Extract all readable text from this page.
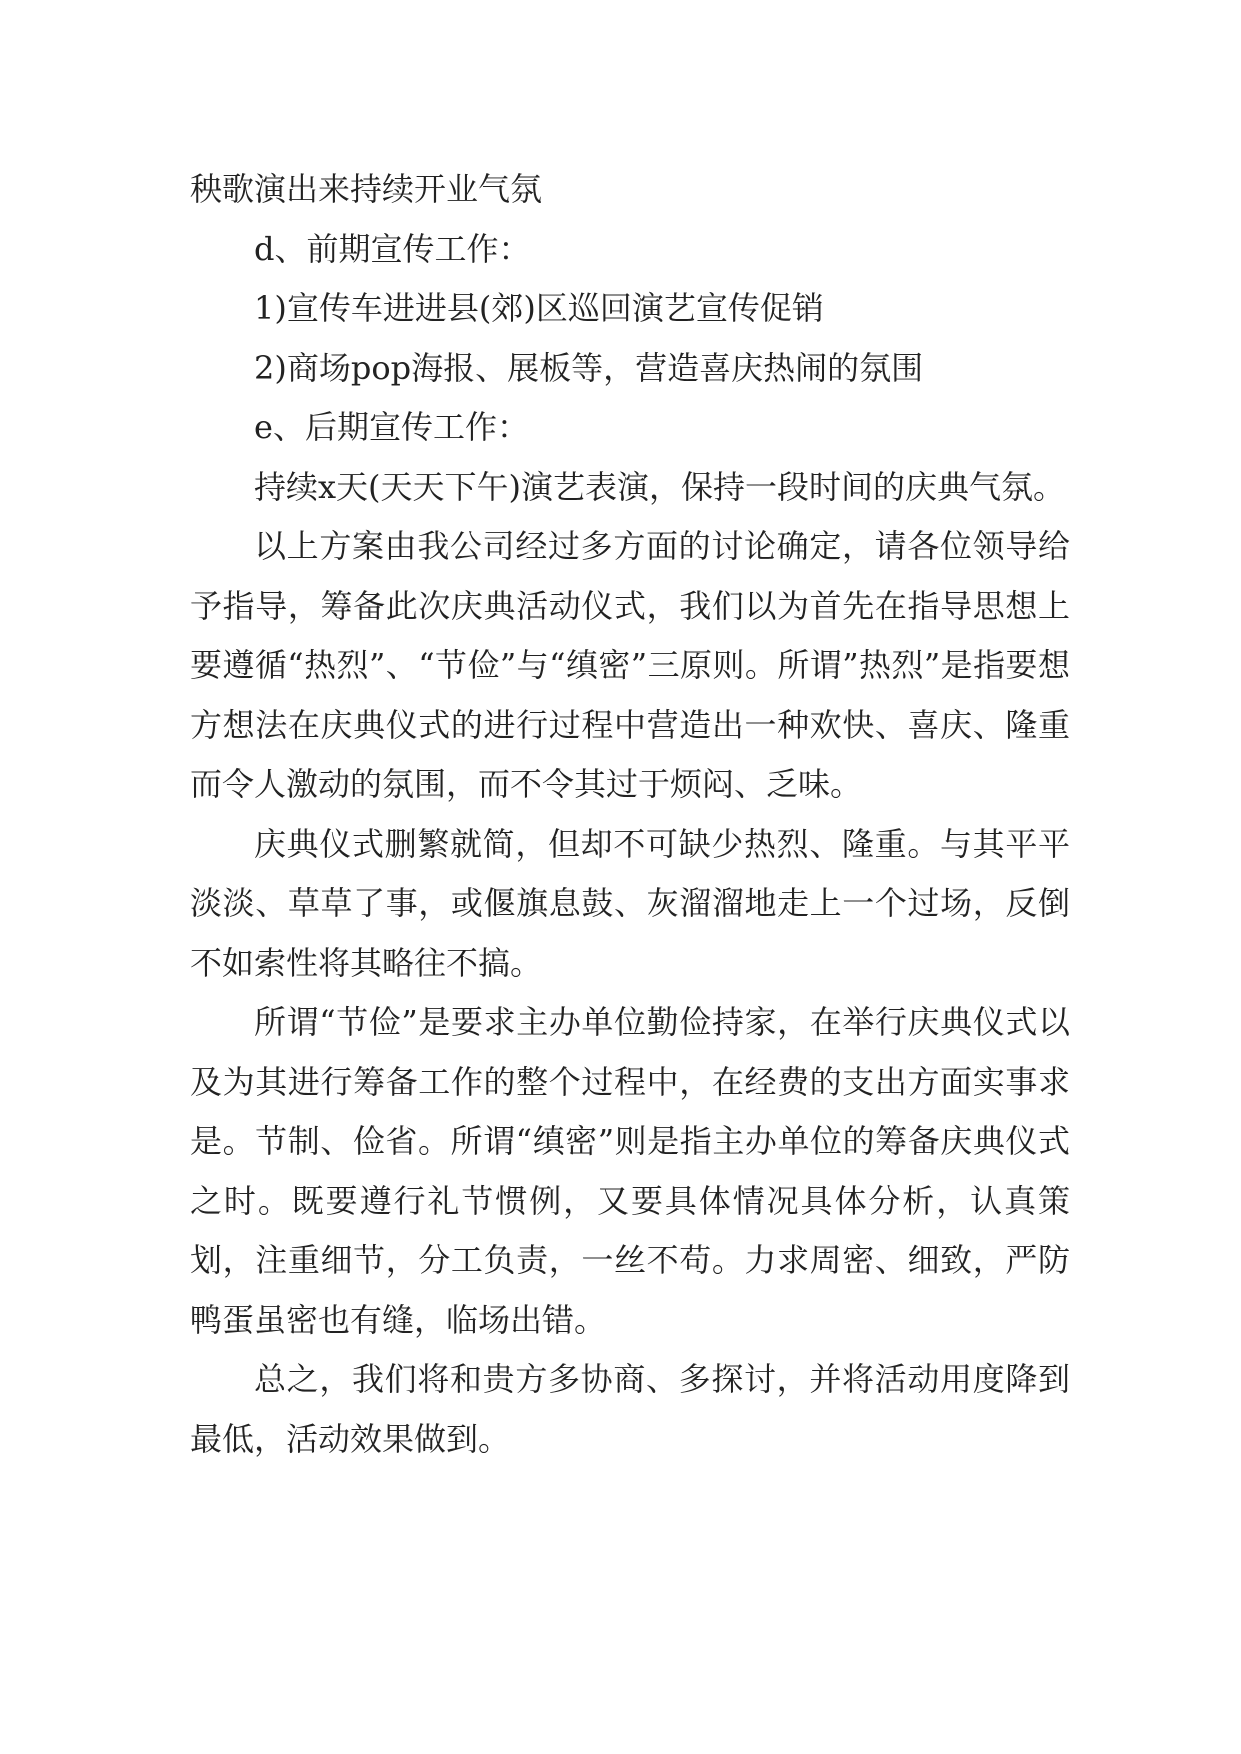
秧歌演出来持续开业气氛

d、前期宣传工作：

1)宣传车进进县(郊)区巡回演艺宣传促销

2)商场pop海报、展板等，营造喜庆热闹的氛围

e、后期宣传工作：

持续x天(天天下午)演艺表演，保持一段时间的庆典气氛。

以上方案由我公司经过多方面的讨论确定，请各位领导给予指导，筹备此次庆典活动仪式，我们以为首先在指导思想上要遵循“热烈”、“节俭”与“缜密”三原则。所谓”热烈”是指要想方想法在庆典仪式的进行过程中营造出一种欢快、喜庆、隆重而令人激动的氛围，而不令其过于烦闷、乏味。

庆典仪式删繁就简，但却不可缺少热烈、隆重。与其平平淡淡、草草了事，或偃旗息鼓、灰溜溜地走上一个过场，反倒不如索性将其略往不搞。

所谓“节俭”是要求主办单位勤俭持家，在举行庆典仪式以及为其进行筹备工作的整个过程中，在经费的支出方面实事求是。节制、俭省。所谓“缜密”则是指主办单位的筹备庆典仪式之时。既要遵行礼节惯例，又要具体情况具体分析，认真策划，注重细节，分工负责，一丝不苟。力求周密、细致，严防鸭蛋虽密也有缝，临场出错。

总之，我们将和贵方多协商、多探讨，并将活动用度降到最低，活动效果做到。
